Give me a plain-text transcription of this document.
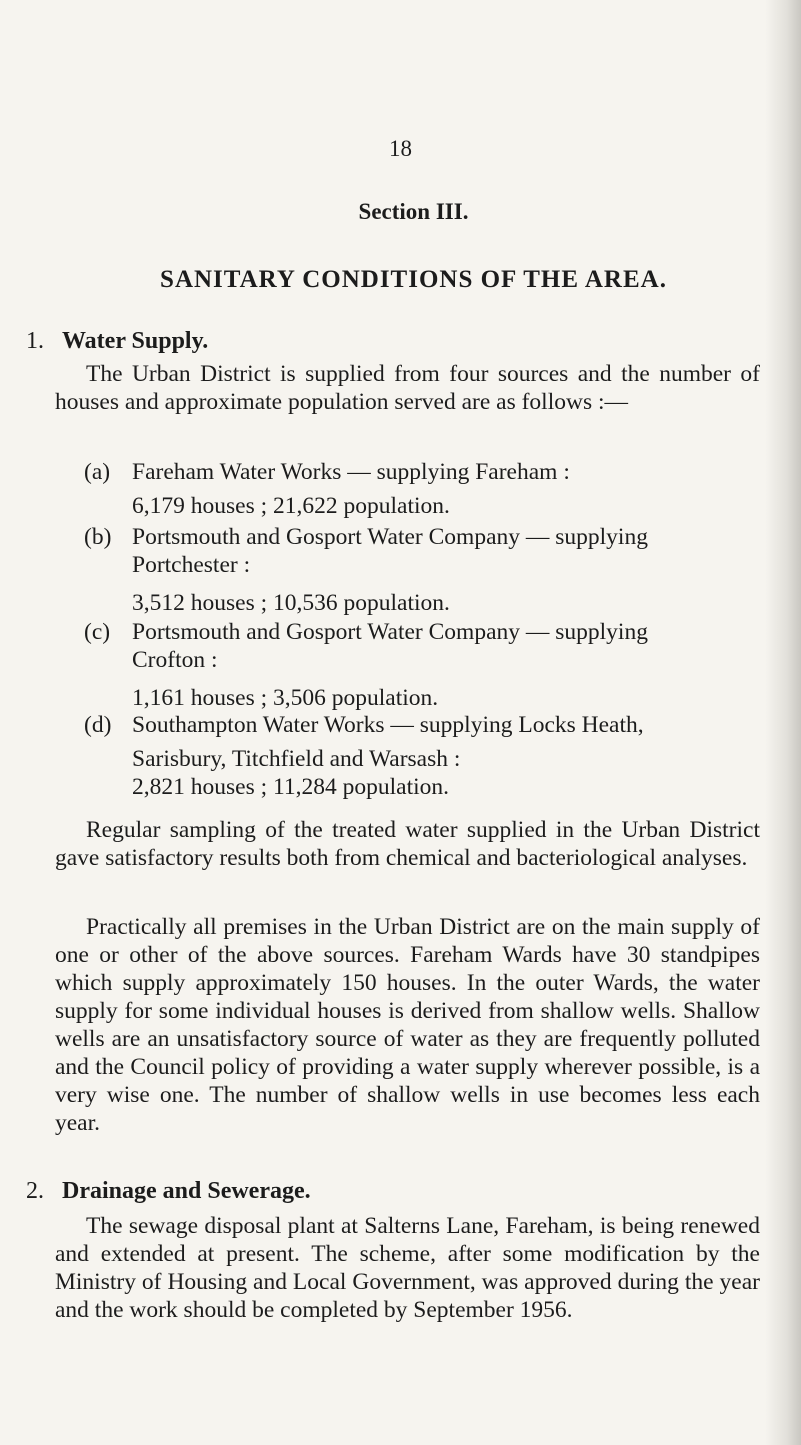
18
Section III.
SANITARY CONDITIONS OF THE AREA.
1. Water Supply.

The Urban District is supplied from four sources and the number of houses and approximate population served are as follows :—

(a) Fareham Water Works — supplying Fareham :
6,179 houses ; 21,622 population.
(b) Portsmouth and Gosport Water Company — supplying
Portchester :
3,512 houses ; 10,536 population.
(c) Portsmouth and Gosport Water Company — supplying
Crofton :
1,161 houses ; 3,506 population.
(d) Southampton Water Works — supplying Locks Heath,
Sarisbury, Titchfield and Warsash :
2,821 houses ; 11,284 population.

Regular sampling of the treated water supplied in the Urban District gave satisfactory results both from chemical and bacteriological analyses.

Practically all premises in the Urban District are on the main supply of one or other of the above sources. Fareham Wards have 30 standpipes which supply approximately 150 houses. In the outer Wards, the water supply for some individual houses is derived from shallow wells. Shallow wells are an unsatisfactory source of water as they are frequently polluted and the Council policy of providing a water supply wherever possible, is a very wise one. The number of shallow wells in use becomes less each year.

2. Drainage and Sewerage.

The sewage disposal plant at Salterns Lane, Fareham, is being renewed and extended at present. The scheme, after some modification by the Ministry of Housing and Local Government, was approved during the year and the work should be completed by September 1956.
